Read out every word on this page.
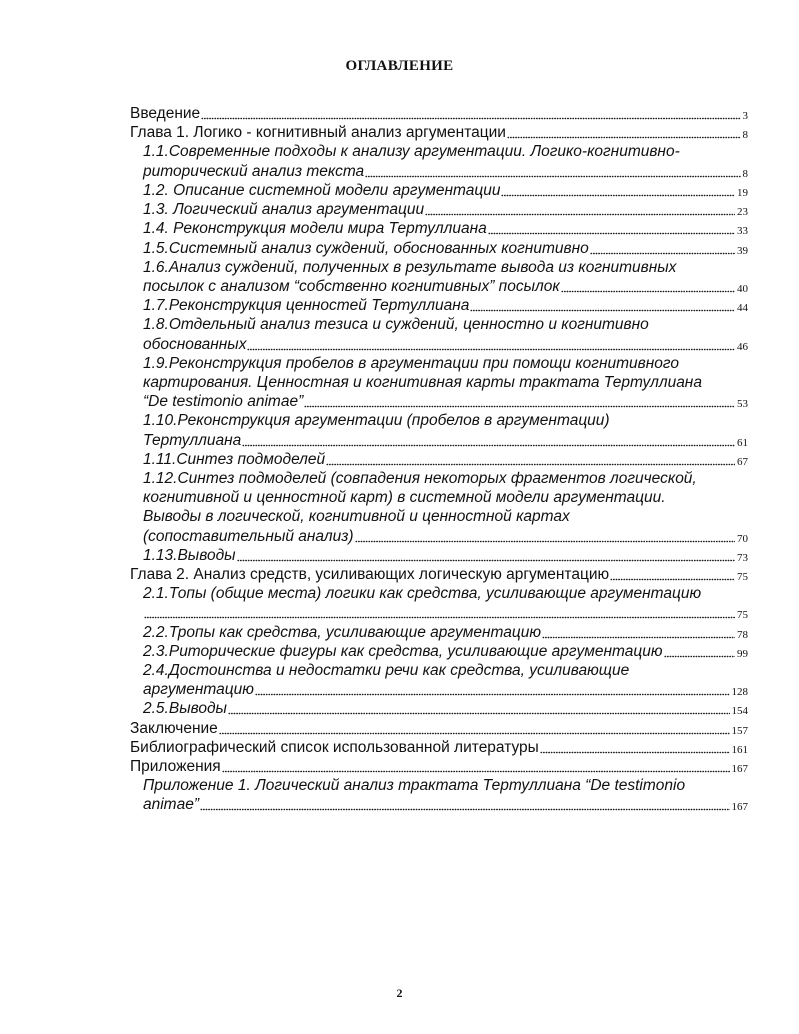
ОГЛАВЛЕНИЕ
Введение	3
Глава 1. Логико - когнитивный анализ аргументации	8
1.1.Современные подходы к анализу аргументации. Логико-когнитивно-
риторический анализ текста	8
1.2. Описание системной модели аргументации	19
1.3. Логический анализ аргументации	23
1.4. Реконструкция модели мира Тертуллиана	33
1.5.Системный анализ суждений, обоснованных когнитивно	39
1.6.Анализ суждений, полученных в результате вывода из когнитивных
посылок с анализом “собственно когнитивных” посылок	40
1.7.Реконструкция ценностей Тертуллиана	44
1.8.Отдельный анализ тезиса и суждений, ценностно и когнитивно
обоснованных	46
1.9.Реконструкция пробелов в аргументации при помощи когнитивного
картирования. Ценностная и когнитивная карты трактата Тертуллиана
“De testimonio animae”	53
1.10.Реконструкция аргументации (пробелов в аргументации)
Тертуллиана	61
1.11.Синтез подмоделей	67
1.12.Синтез подмоделей (совпадения некоторых фрагментов логической,
когнитивной и ценностной карт) в системной модели аргументации.
Выводы в логической, когнитивной и ценностной картах
(сопоставительный анализ)	70
1.13.Выводы	73
Глава 2. Анализ средств, усиливающих логическую аргументацию	75
2.1.Топы (общие места) логики как средства, усиливающие аргументацию
75
2.2.Тропы как средства, усиливающие аргументацию	78
2.3.Риторические фигуры как средства, усиливающие аргументацию	99
2.4.Достоинства и недостатки речи как средства, усиливающие
аргументацию	128
2.5.Выводы	154
Заключение	157
Библиографический список использованной литературы	161
Приложения	167
Приложение 1. Логический анализ трактата Тертуллиана “De testimonio
animae”	167
2
